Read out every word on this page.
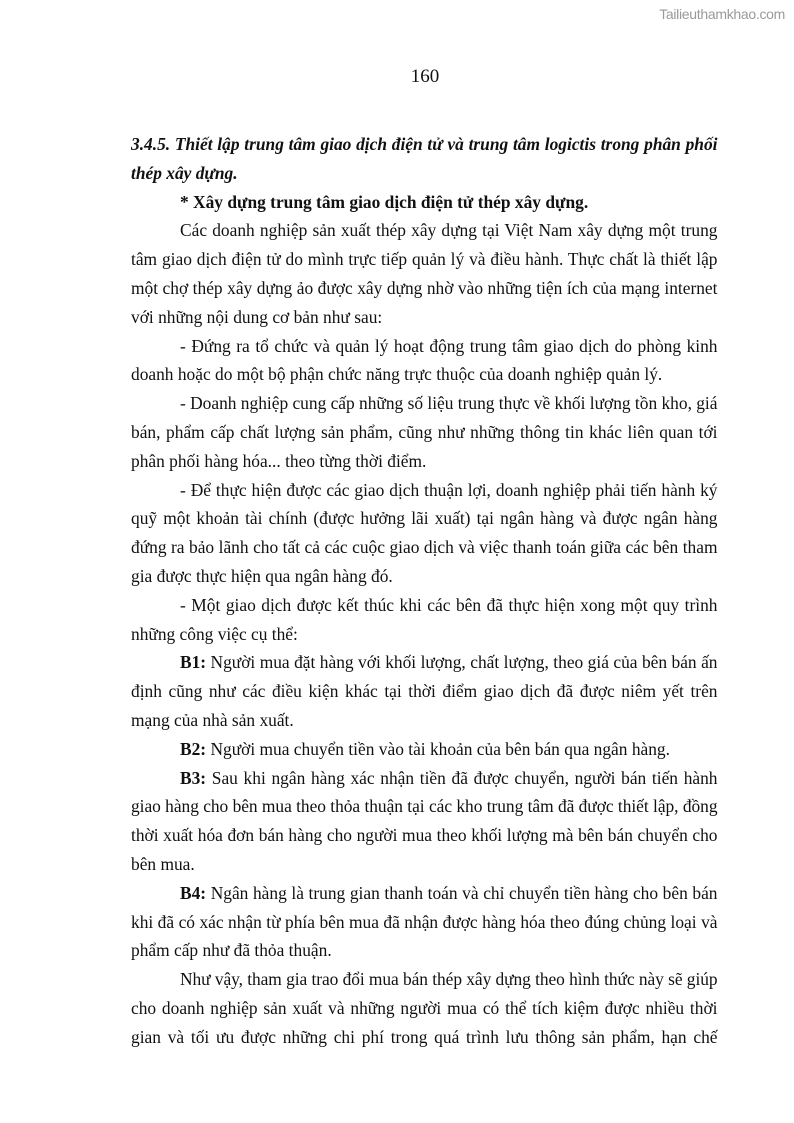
Tailieuthamkhao.com
160
3.4.5. Thiết lập trung tâm giao dịch điện tử và trung tâm logictis trong phân phối
thép xây dựng.
* Xây dựng trung tâm giao dịch điện tử thép xây dựng.
Các doanh nghiệp sản xuất thép xây dựng tại Việt Nam xây dựng một trung
tâm giao dịch điện tử do mình trực tiếp quản lý và điều hành. Thực chất là thiết lập
một chợ thép xây dựng ảo được xây dựng nhờ vào những tiện ích của mạng internet
với những nội dung cơ bản như sau:
- Đứng ra tổ chức và quản lý hoạt động trung tâm giao dịch do phòng kinh
doanh hoặc do một bộ phận chức năng trực thuộc của doanh nghiệp quản lý.
- Doanh nghiệp cung cấp những số liệu trung thực về khối lượng tồn kho, giá
bán, phẩm cấp chất lượng sản phẩm, cũng như những thông tin khác liên quan tới
phân phối hàng hóa... theo từng thời điểm.
- Để thực hiện được các giao dịch thuận lợi, doanh nghiệp phải tiến hành ký
quỹ một khoản tài chính (được hưởng lãi xuất) tại ngân hàng và được ngân hàng
đứng ra bảo lãnh cho tất cả các cuộc giao dịch và việc thanh toán giữa các bên tham
gia được thực hiện qua ngân hàng đó.
- Một giao dịch được kết thúc khi các bên đã thực hiện xong một quy trình
những công việc cụ thể:
B1: Người mua đặt hàng với khối lượng, chất lượng, theo giá của bên bán ấn
định cũng như các điều kiện khác tại thời điểm giao dịch đã được niêm yết trên
mạng của nhà sản xuất.
B2: Người mua chuyển tiền vào tài khoản của bên bán qua ngân hàng.
B3: Sau khi ngân hàng xác nhận tiền đã được chuyển, người bán tiến hành
giao hàng cho bên mua theo thỏa thuận tại các kho trung tâm đã được thiết lập, đồng
thời xuất hóa đơn bán hàng cho người mua theo khối lượng mà bên bán chuyển cho
bên mua.
B4: Ngân hàng là trung gian thanh toán và chỉ chuyển tiền hàng cho bên bán
khi đã có xác nhận từ phía bên mua đã nhận được hàng hóa theo đúng chủng loại và
phẩm cấp như đã thỏa thuận.
Như vậy, tham gia trao đổi mua bán thép xây dựng theo hình thức này sẽ giúp
cho doanh nghiệp sản xuất và những người mua có thể tích kiệm được nhiều thời
gian và tối ưu được những chi phí trong quá trình lưu thông sản phẩm, hạn chế
